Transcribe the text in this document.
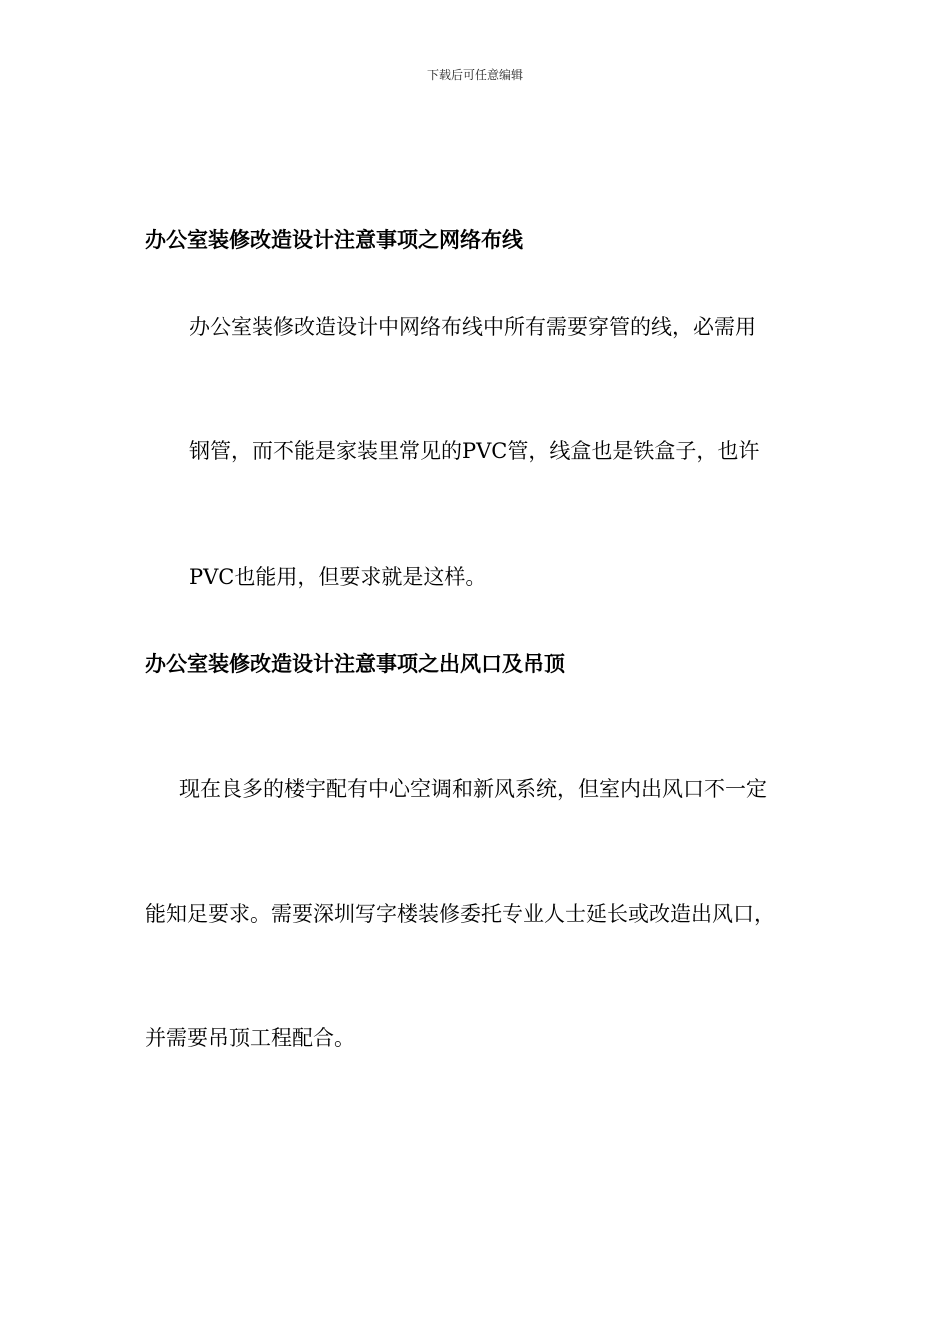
下载后可任意编辑
办公室装修改造设计注意事项之网络布线

办公室装修改造设计中网络布线中所有需要穿管的线，必需用

钢管，而不能是家装里常见的PVC管，线盒也是铁盒子，也许

PVC也能用，但要求就是这样。

办公室装修改造设计注意事项之出风口及吊顶

现在良多的楼宇配有中心空调和新风系统，但室内出风口不一定

能知足要求。需要深圳写字楼装修委托专业人士延长或改造出风口，

并需要吊顶工程配合。
